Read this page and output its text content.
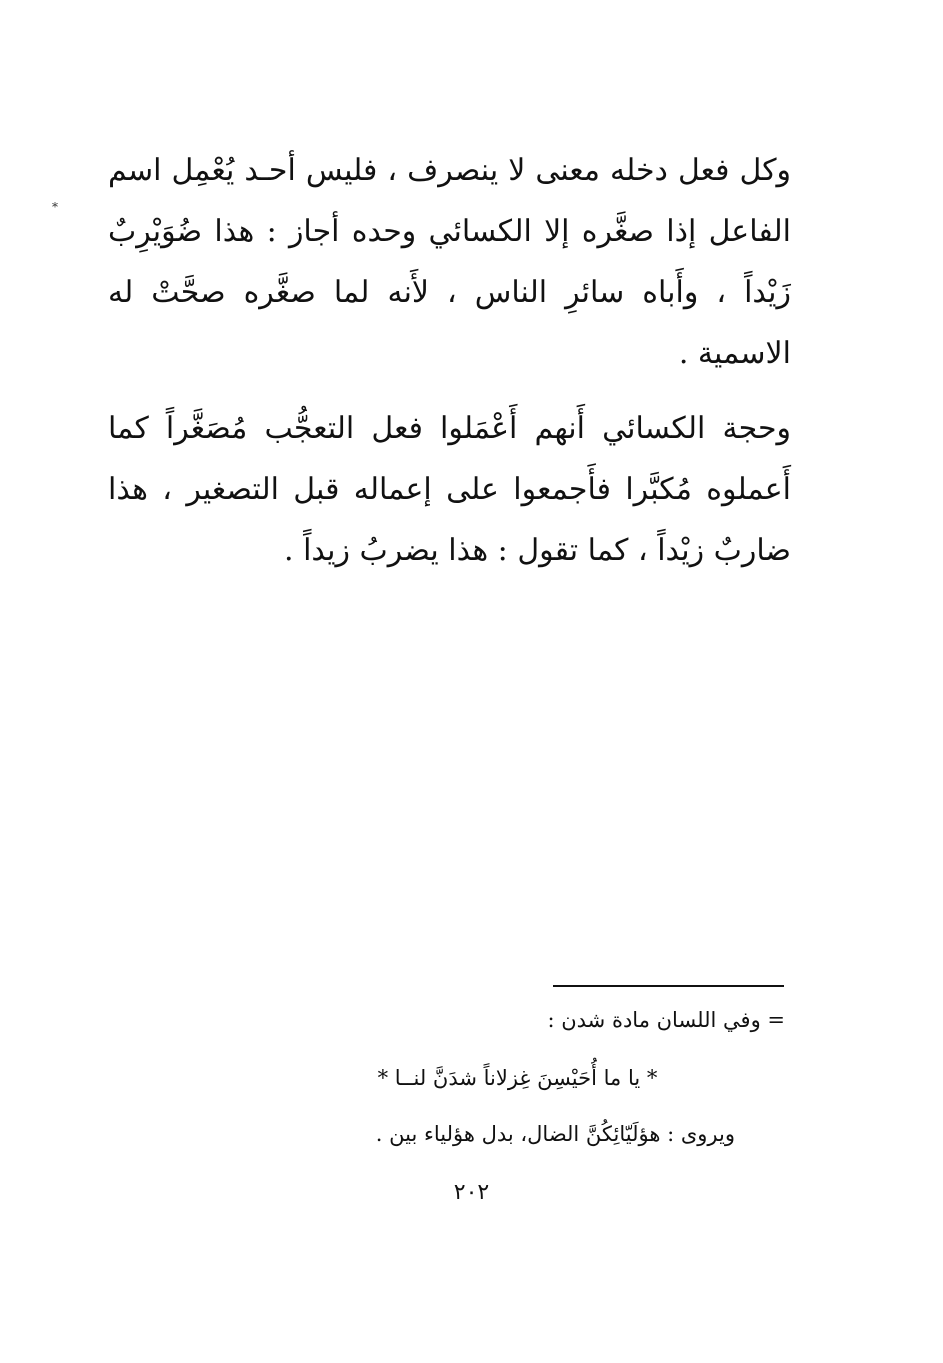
وكل فعل دخله معنى لا ينصرف ، فليس أحـد يُعْمِل اسم الفاعل إذا صغَّره إلا الكسائي وحده أجاز : هذا ضُوَيْرِبٌ زَيْداً ، وأَباه سائرِ الناس ، لأَنه لما صغَّره صحَّتْ له الاسمية .

وحجة الكسائي أَنهم أَعْمَلوا فعل التعجُّب مُصَغَّراً كما أَعملوه مُكبَّرا فأَجمعوا على إعماله قبل التصغير ، هذا ضاربٌ زيْداً ، كما تقول : هذا يضربُ زيداً .

*
= وفي اللسان مادة شدن :
* يا ما أُحَيْسِنَ غِزلاناً شدَنَّ لنــا *
ويروى : هؤلَيّائِكُنَّ الضال، بدل هؤلياء بين .
٢٠٢
